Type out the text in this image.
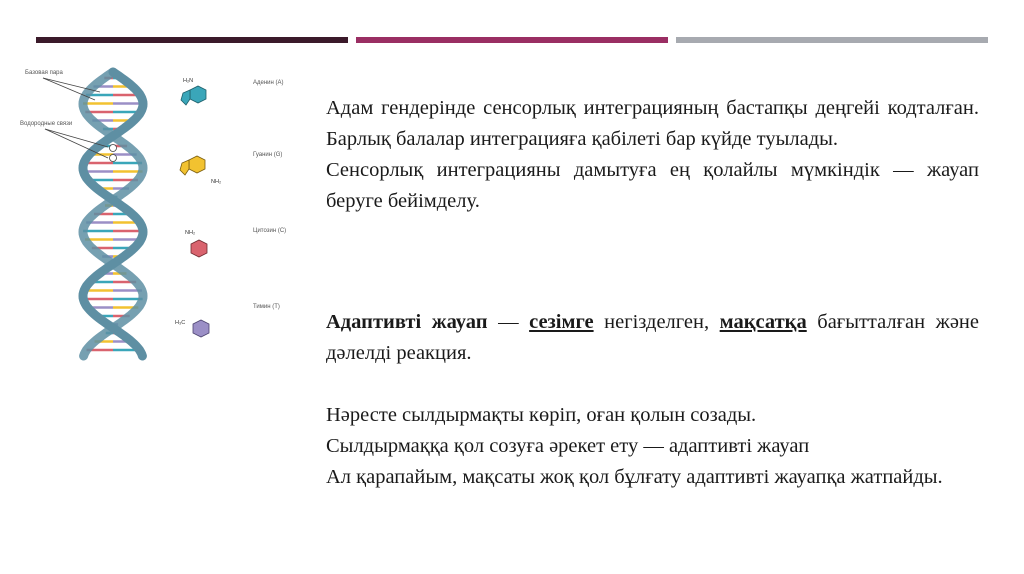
Базовая пара
Водородные связи
H₂N	Аденин (A)
NH₂
Гуанин (G)
NH₂	Цитозин (C)
H₃C
Тимин (T)

Адам гендерінде сенсорлық интеграцияның бастапқы деңгейі кодталған. Барлық балалар интеграцияға қабілеті бар күйде туылады.

Сенсорлық интеграцияны дамытуға ең қолайлы мүмкіндік — жауап беруге бейімделу.

Адаптивті жауап — сезімге негізделген, мақсатқа бағытталған және дәлелді реакция.

Нәресте сылдырмақты көріп, оған қолын созады.

Сылдырмаққа қол созуға әрекет ету — адаптивті жауап

Ал қарапайым, мақсаты жоқ қол бұлғату адаптивті жауапқа жатпайды.
